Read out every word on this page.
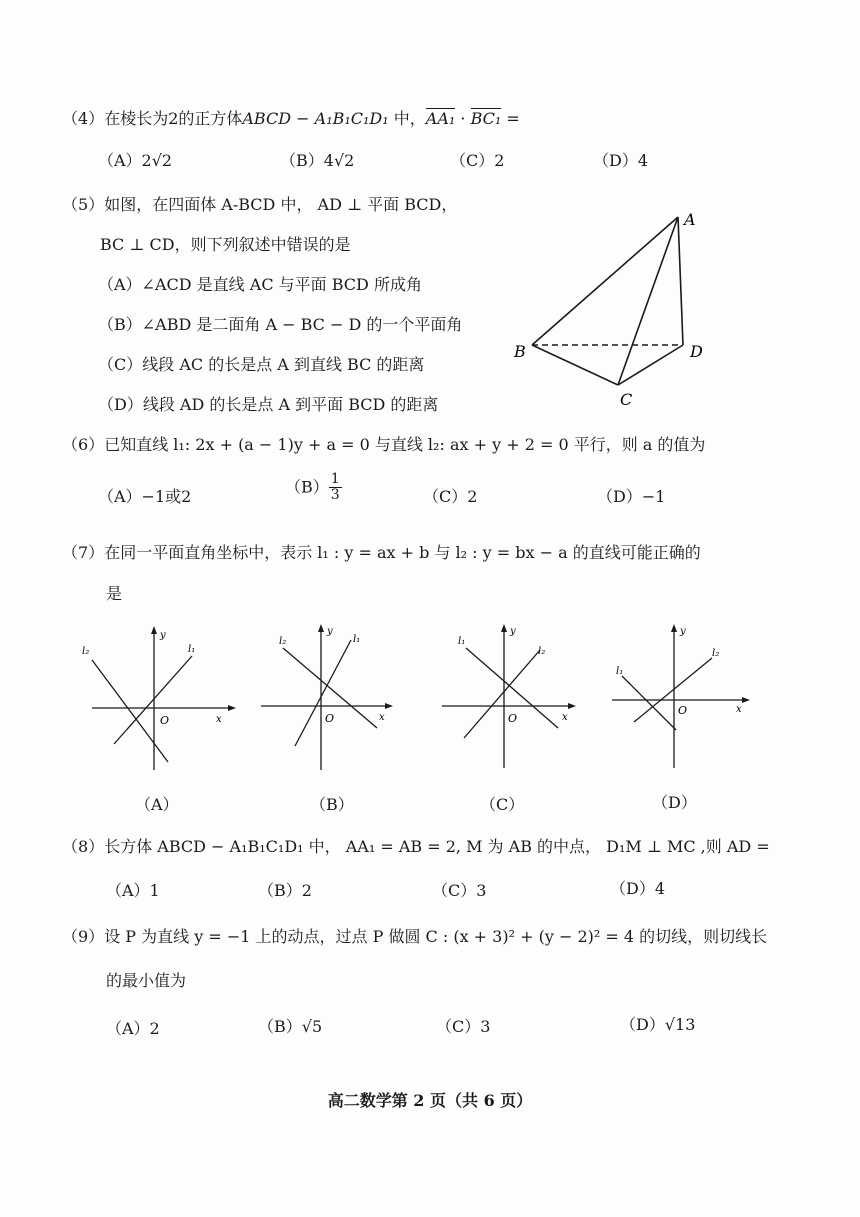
（4）在棱长为2的正方体ABCD − A₁B₁C₁D₁ 中，AA₁ · BC₁ =
（A）2√2	（B）4√2	（C）2	（D）4
（5）如图，在四面体 A-BCD 中， AD ⊥ 平面 BCD，
BC ⊥ CD，则下列叙述中错误的是
（A）∠ACD 是直线 AC 与平面 BCD 所成角
（B）∠ABD 是二面角 A − BC − D 的一个平面角
（C）线段 AC 的长是点 A 到直线 BC 的距离
（D）线段 AD 的长是点 A 到平面 BCD 的距离
A
B
C
D
（6）已知直线 l₁: 2x + (a − 1)y + a = 0 与直线 l₂: ax + y + 2 = 0 平行，则 a 的值为
（A）−1或2
$(B) \frac{1}{3}$	（C）2	（D）−1
（7）在同一平面直角坐标中，表示 l₁ : y = ax + b 与 l₂ : y = bx − a 的直线可能正确的
是
l₂	l₁
O	x
y
（A）
l₂	l₁
O	x
y
（B）
l₁
l₂
O	x
y
（C）
l₁
l₂
O	x
y
（D）
（8）长方体 ABCD − A₁B₁C₁D₁ 中， AA₁ = AB = 2, M 为 AB 的中点， D₁M ⊥ MC ,则 AD =
（A）1	（B）2	（C）3	（D）4
（9）设 P 为直线 y = −1 上的动点，过点 P 做圆 C : (x + 3)² + (y − 2)² = 4 的切线，则切线长
的最小值为
（A）2	（B）√5	（C）3	（D）√13
高二数学第 2 页（共 6 页）
